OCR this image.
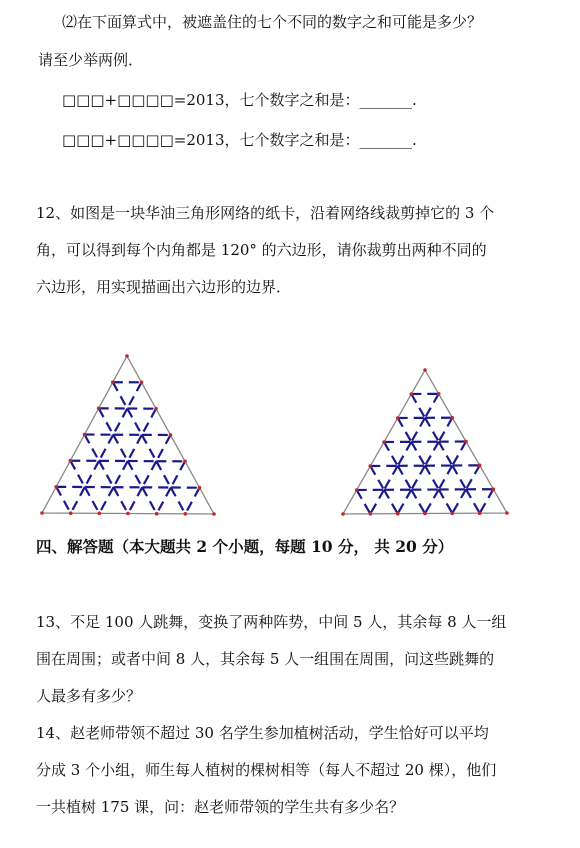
⑵在下面算式中，被遮盖住的七个不同的数字之和可能是多少？
请至少举两例．
□□□+□□□□=2013，七个数字之和是：_______.
□□□+□□□□=2013，七个数字之和是：_______.
12、如图是一块华油三角形网络的纸卡，沿着网络线裁剪掉它的 3 个
角，可以得到每个内角都是 120° 的六边形，请你裁剪出两种不同的
六边形，用实现描画出六边形的边界．
四、解答题（本大题共 2 个小题，每题 10 分， 共 20 分）
13、不足 100 人跳舞，变换了两种阵势，中间 5 人，其余每 8 人一组
围在周围；或者中间 8 人，其余每 5 人一组围在周围，问这些跳舞的
人最多有多少？
14、赵老师带领不超过 30 名学生参加植树活动，学生恰好可以平均
分成 3 个小组，师生每人植树的棵树相等（每人不超过 20 棵），他们
一共植树 175 课，问：赵老师带领的学生共有多少名？
